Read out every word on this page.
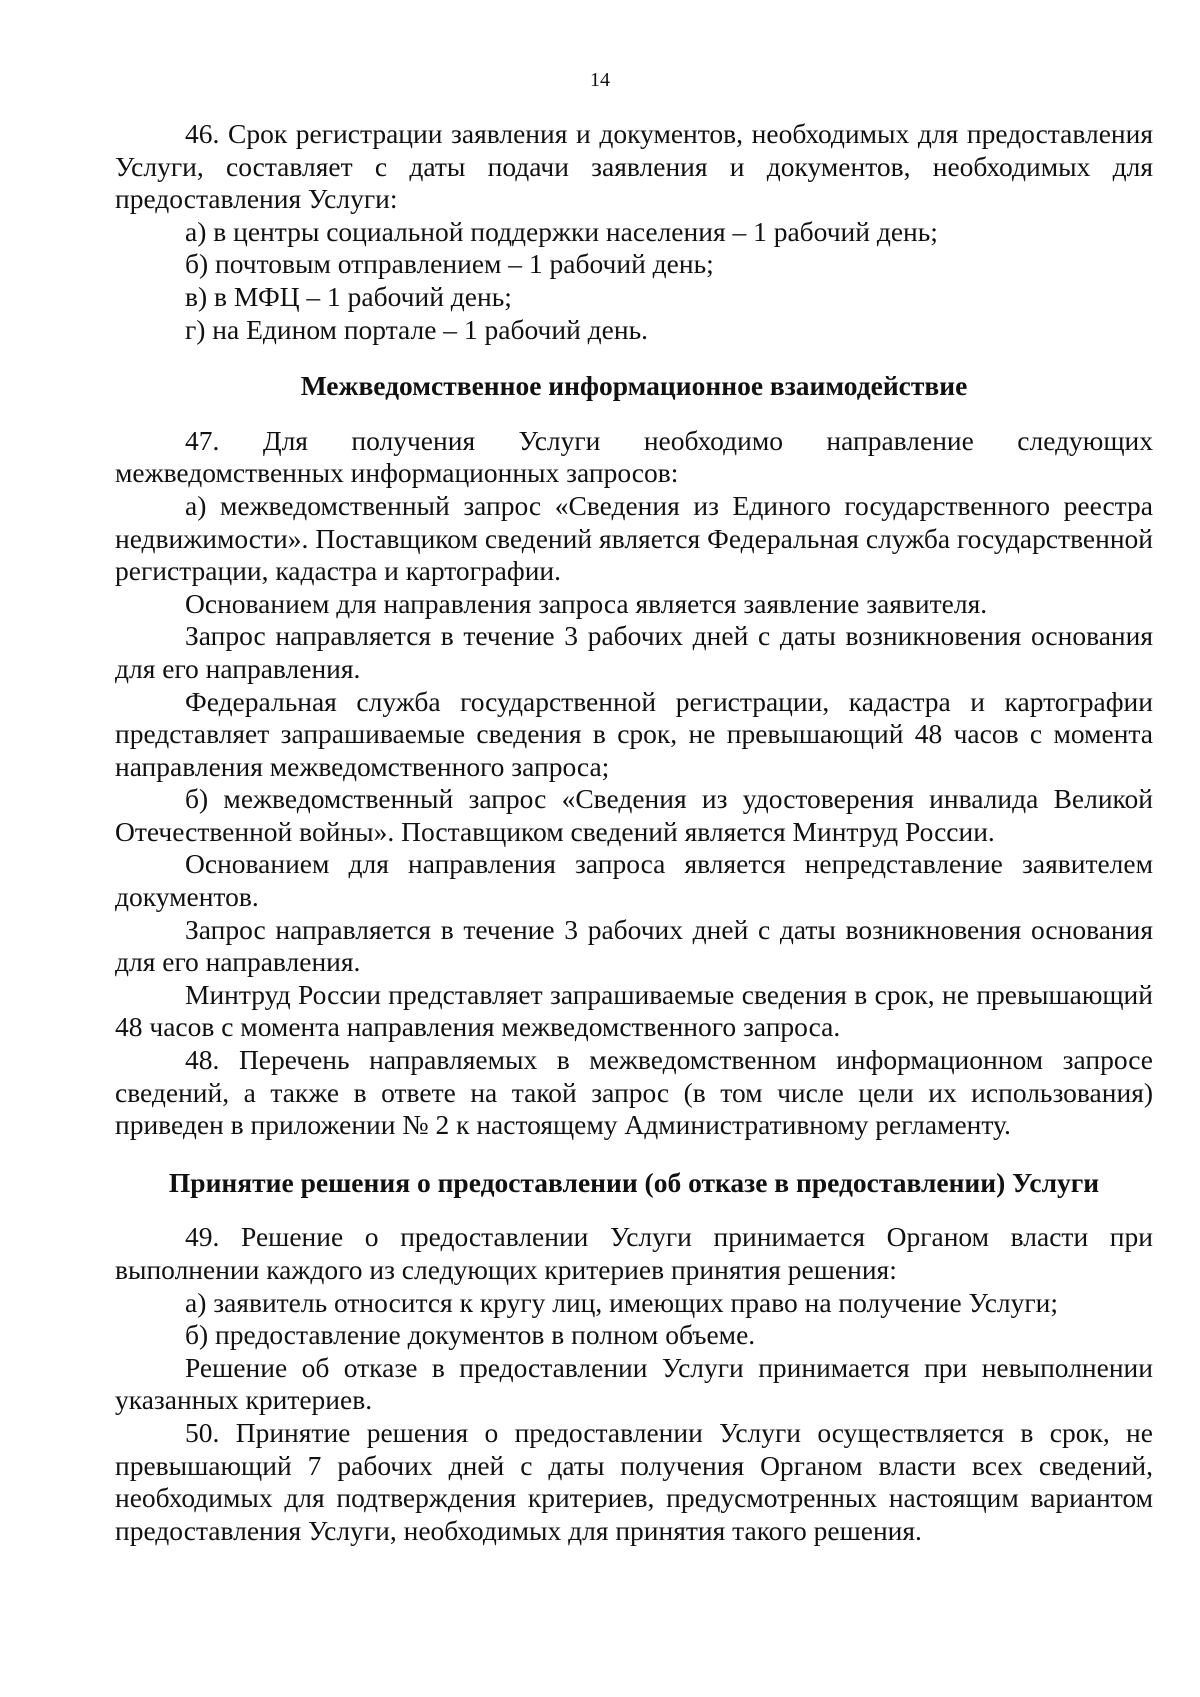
14

46. Срок регистрации заявления и документов, необходимых для предоставления Услуги, составляет с даты подачи заявления и документов, необходимых для предоставления Услуги:

а) в центры социальной поддержки населения – 1 рабочий день;

б) почтовым отправлением – 1 рабочий день;

в) в МФЦ – 1 рабочий день;

г) на Едином портале – 1 рабочий день.

Межведомственное информационное взаимодействие

47. Для получения Услуги необходимо направление следующих межведомственных информационных запросов:

а) межведомственный запрос «Сведения из Единого государственного реестра недвижимости». Поставщиком сведений является Федеральная служба государственной регистрации, кадастра и картографии.

Основанием для направления запроса является заявление заявителя.

Запрос направляется в течение 3 рабочих дней с даты возникновения основания для его направления.

Федеральная служба государственной регистрации, кадастра и картографии представляет запрашиваемые сведения в срок, не превышающий 48 часов с момента направления межведомственного запроса;

б) межведомственный запрос «Сведения из удостоверения инвалида Великой Отечественной войны». Поставщиком сведений является Минтруд России.

Основанием для направления запроса является непредставление заявителем документов.

Запрос направляется в течение 3 рабочих дней с даты возникновения основания для его направления.

Минтруд России представляет запрашиваемые сведения в срок, не превышающий 48 часов с момента направления межведомственного запроса.

48. Перечень направляемых в межведомственном информационном запросе сведений, а также в ответе на такой запрос (в том числе цели их использования) приведен в приложении № 2 к настоящему Административному регламенту.

Принятие решения о предоставлении (об отказе в предоставлении) Услуги

49. Решение о предоставлении Услуги принимается Органом власти при выполнении каждого из следующих критериев принятия решения:

а) заявитель относится к кругу лиц, имеющих право на получение Услуги;

б) предоставление документов в полном объеме.

Решение об отказе в предоставлении Услуги принимается при невыполнении указанных критериев.

50. Принятие решения о предоставлении Услуги осуществляется в срок, не превышающий 7 рабочих дней с даты получения Органом власти всех сведений, необходимых для подтверждения критериев, предусмотренных настоящим вариантом предоставления Услуги, необходимых для принятия такого решения.
